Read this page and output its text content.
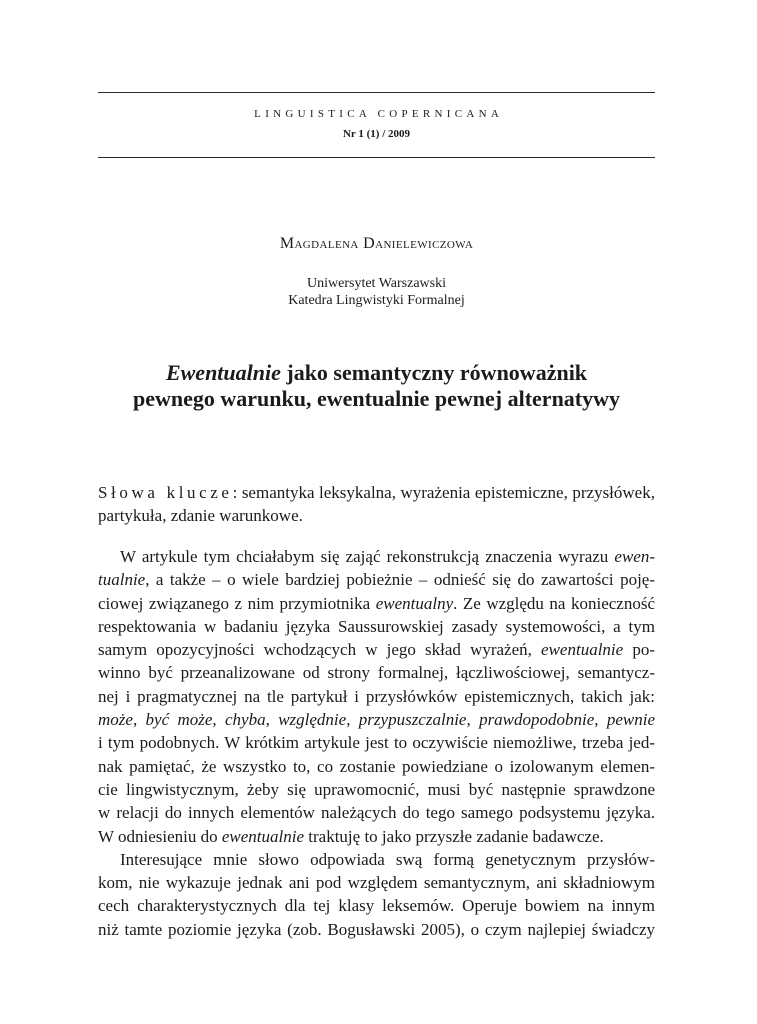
LINGUISTICA COPERNICANA
Nr 1 (1) / 2009
Magdalena Danielewiczowa
Uniwersytet Warszawski
Katedra Lingwistyki Formalnej
Ewentualnie jako semantyczny równoważnik
pewnego warunku, ewentualnie pewnej alternatywy
Słowa klucze: semantyka leksykalna, wyrażenia epistemiczne, przysłówek,
partykuła, zdanie warunkowe.
W artykule tym chciałabym się zająć rekonstrukcją znaczenia wyrazu ewen-
tualnie, a także – o wiele bardziej pobieżnie – odnieść się do zawartości poję-
ciowej związanego z nim przymiotnika ewentualny. Ze względu na konieczność
respektowania w badaniu języka Saussurowskiej zasady systemowości, a tym
samym opozycyjności wchodzących w jego skład wyrażeń, ewentualnie po-
winno być przeanalizowane od strony formalnej, łączliwościowej, semantycz-
nej i pragmatycznej na tle partykuł i przysłówków epistemicznych, takich jak:
może, być może, chyba, względnie, przypuszczalnie, prawdopodobnie, pewnie
i tym podobnych. W krótkim artykule jest to oczywiście niemożliwe, trzeba jed-
nak pamiętać, że wszystko to, co zostanie powiedziane o izolowanym elemen-
cie lingwistycznym, żeby się uprawomocnić, musi być następnie sprawdzone
w relacji do innych elementów należących do tego samego podsystemu języka.
W odniesieniu do ewentualnie traktuję to jako przyszłe zadanie badawcze.
Interesujące mnie słowo odpowiada swą formą genetycznym przysłów-
kom, nie wykazuje jednak ani pod względem semantycznym, ani składniowym
cech charakterystycznych dla tej klasy leksemów. Operuje bowiem na innym
niż tamte poziomie języka (zob. Bogusławski 2005), o czym najlepiej świadczy
